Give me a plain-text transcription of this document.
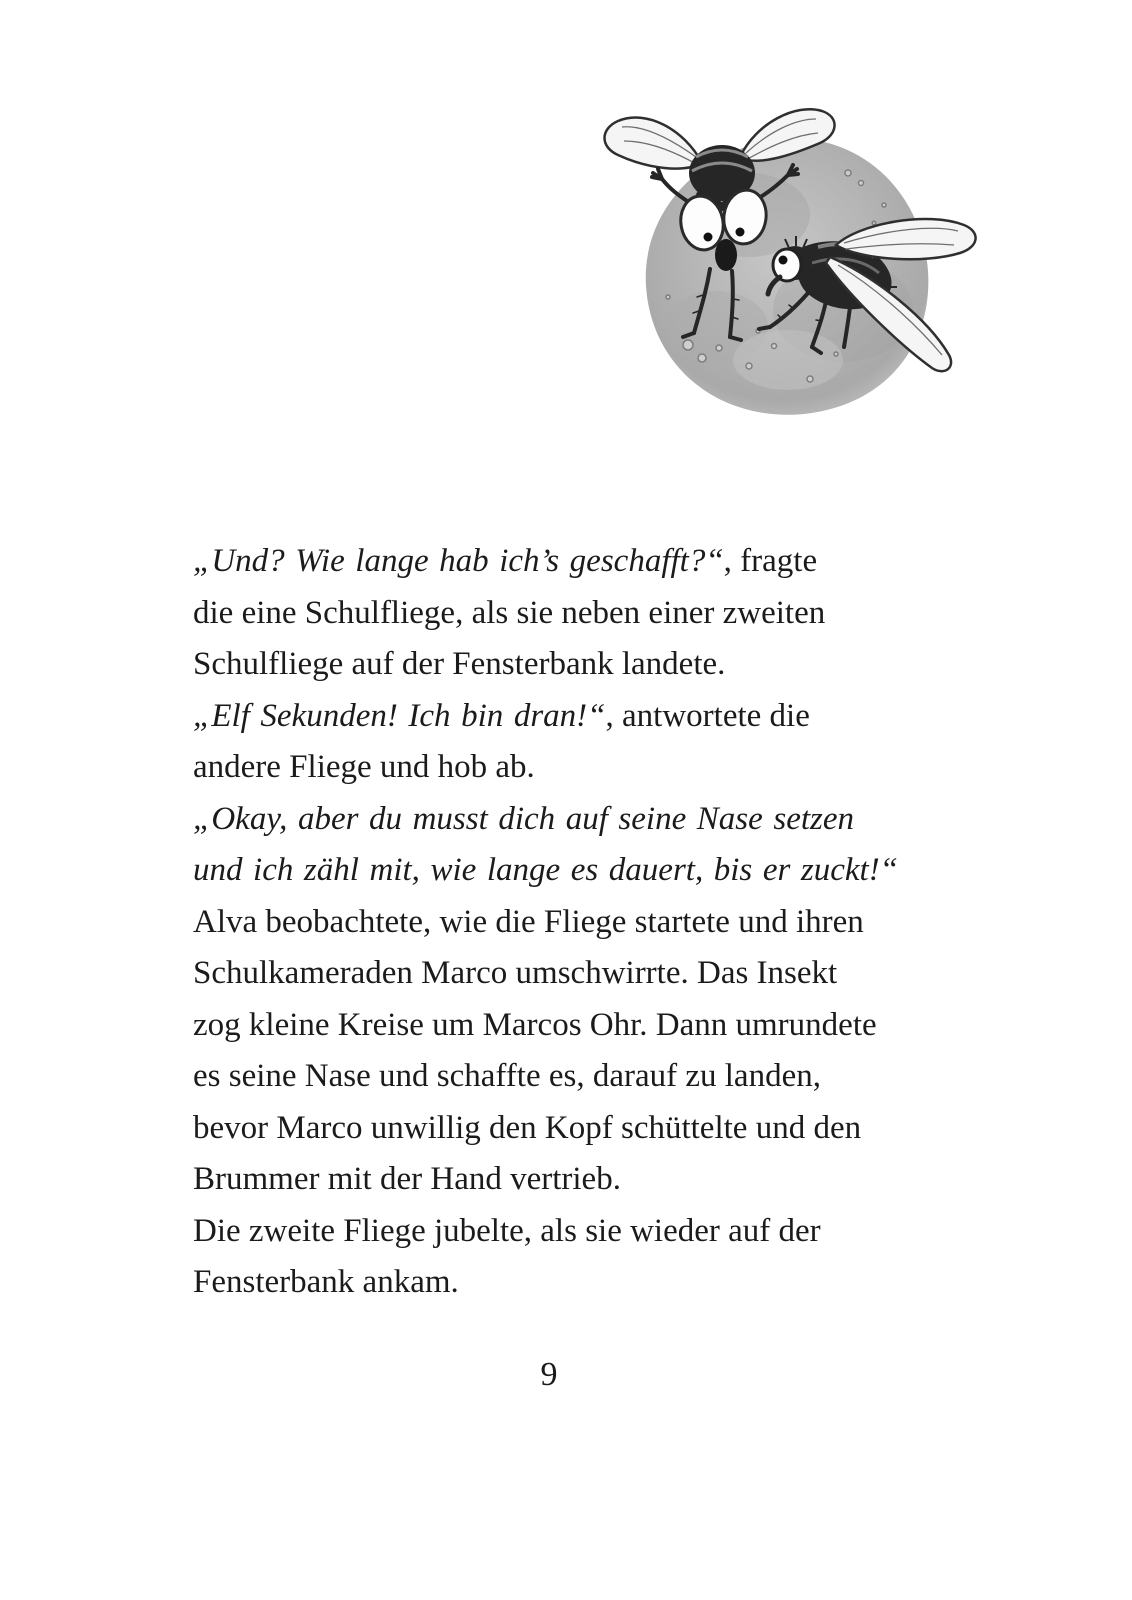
„Und? Wie lange hab ich’s geschafft?“, fragte
die eine Schulfliege, als sie neben einer zweiten
Schulfliege auf der Fensterbank landete.
„Elf Sekunden! Ich bin dran!“, antwortete die
andere Fliege und hob ab.
„Okay, aber du musst dich auf seine Nase setzen
und ich zähl mit, wie lange es dauert, bis er zuckt!“
Alva beobachtete, wie die Fliege startete und ihren
Schulkameraden Marco umschwirrte. Das Insekt
zog kleine Kreise um Marcos Ohr. Dann umrundete
es seine Nase und schaffte es, darauf zu landen,
bevor Marco unwillig den Kopf schüttelte und den
Brummer mit der Hand vertrieb.
Die zweite Fliege jubelte, als sie wieder auf der
Fensterbank ankam.
9
